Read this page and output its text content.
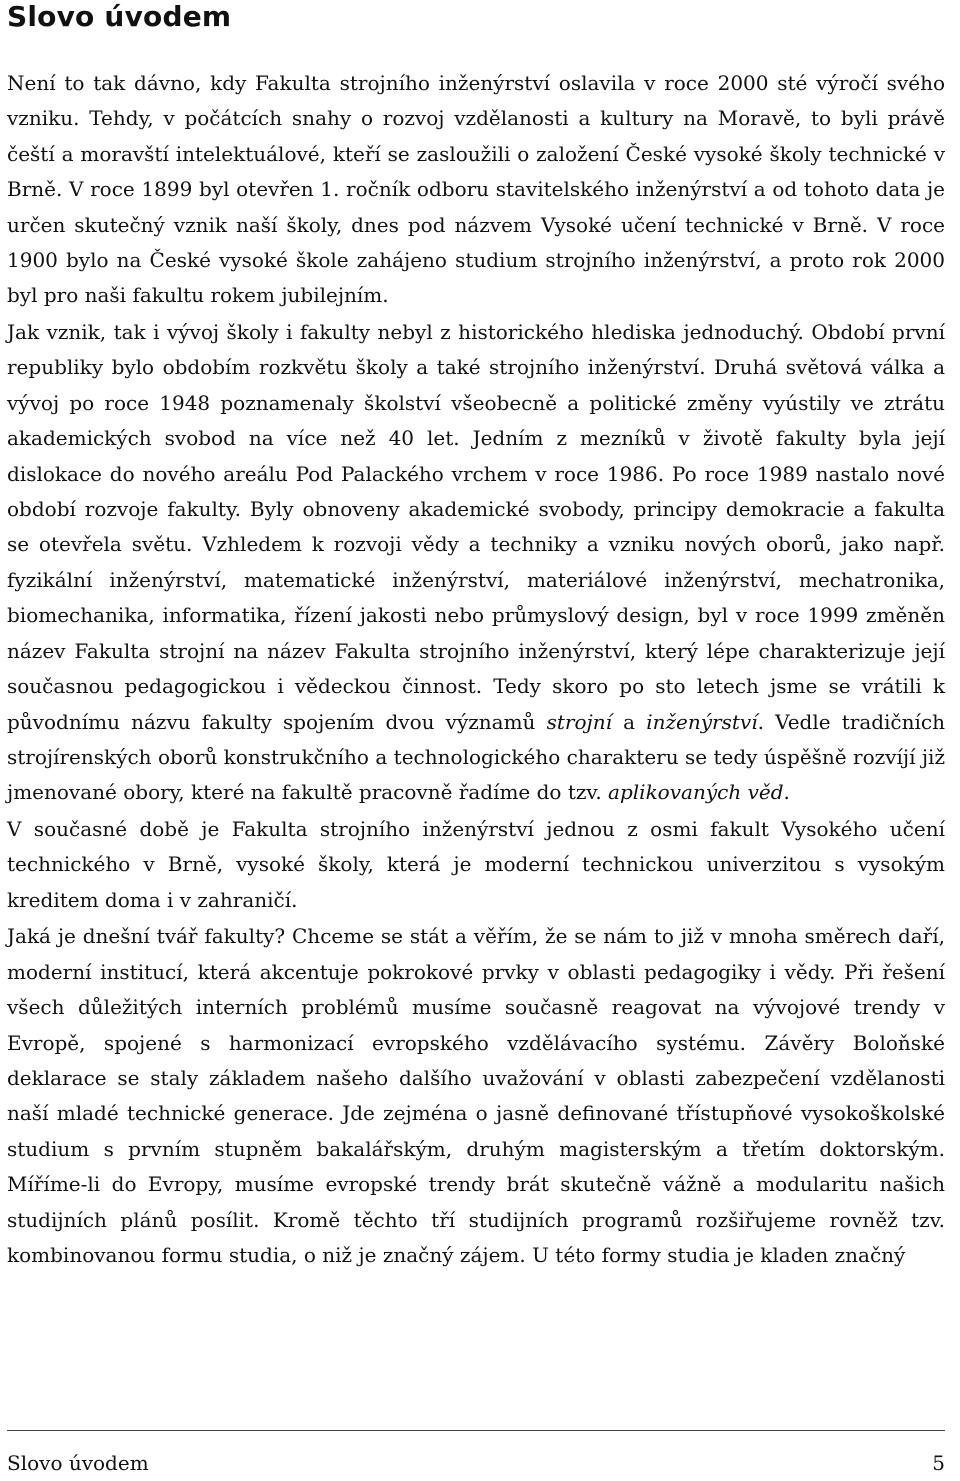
Slovo úvodem

Není to tak dávno, kdy Fakulta strojního inženýrství oslavila v roce 2000 sté výročí svého vzniku. Tehdy, v počátcích snahy o rozvoj vzdělanosti a kultury na Moravě, to byli právě čeští a moravští intelektuálové, kteří se zasloužili o založení České vysoké školy technické v Brně. V roce 1899 byl otevřen 1. ročník odboru stavitelského inženýrství a od tohoto data je určen skutečný vznik naší školy, dnes pod názvem Vysoké učení technické v Brně. V roce 1900 bylo na České vysoké škole zahájeno studium strojního inženýrství, a proto rok 2000 byl pro naši fakultu rokem jubilejním.

Jak vznik, tak i vývoj školy i fakulty nebyl z historického hlediska jednoduchý. Období první republiky bylo obdobím rozkvětu školy a také strojního inženýrství. Druhá světová válka a vývoj po roce 1948 poznamenaly školství všeobecně a politické změny vyústily ve ztrátu akademických svobod na více než 40 let. Jedním z mezníků v životě fakulty byla její dislokace do nového areálu Pod Palackého vrchem v roce 1986. Po roce 1989 nastalo nové období rozvoje fakulty. Byly obnoveny akademické svobody, principy demokracie a fakulta se otevřela světu. Vzhledem k rozvoji vědy a techniky a vzniku nových oborů, jako např. fyzikální inženýrství, matematické inženýrství, materiálové inženýrství, mechatronika, biomechanika, informatika, řízení jakosti nebo průmyslový design, byl v roce 1999 změněn název Fakulta strojní na název Fakulta strojního inženýrství, který lépe charakterizuje její současnou pedagogickou i vědeckou činnost. Tedy skoro po sto letech jsme se vrátili k původnímu názvu fakulty spojením dvou významů strojní a inženýrství. Vedle tradičních strojírenských oborů konstrukčního a technologického charakteru se tedy úspěšně rozvíjí již jmenované obory, které na fakultě pracovně řadíme do tzv. aplikovaných věd.

V současné době je Fakulta strojního inženýrství jednou z osmi fakult Vysokého učení technického v Brně, vysoké školy, která je moderní technickou univerzitou s vysokým kreditem doma i v zahraničí.

Jaká je dnešní tvář fakulty? Chceme se stát a věřím, že se nám to již v mnoha směrech daří, moderní institucí, která akcentuje pokrokové prvky v oblasti pedagogiky i vědy. Při řešení všech důležitých interních problémů musíme současně reagovat na vývojové trendy v Evropě, spojené s harmonizací evropského vzdělávacího systému. Závěry Boloňské deklarace se staly základem našeho dalšího uvažování v oblasti zabezpečení vzdělanosti naší mladé technické generace. Jde zejména o jasně definované třístupňové vysokoškolské studium s prvním stupněm bakalářským, druhým magisterským a třetím doktorským. Míříme-li do Evropy, musíme evropské trendy brát skutečně vážně a modularitu našich studijních plánů posílit. Kromě těchto tří studijních programů rozšiřujeme rovněž tzv. kombinovanou formu studia, o niž je značný zájem. U této formy studia je kladen značný

Slovo úvodem	5
